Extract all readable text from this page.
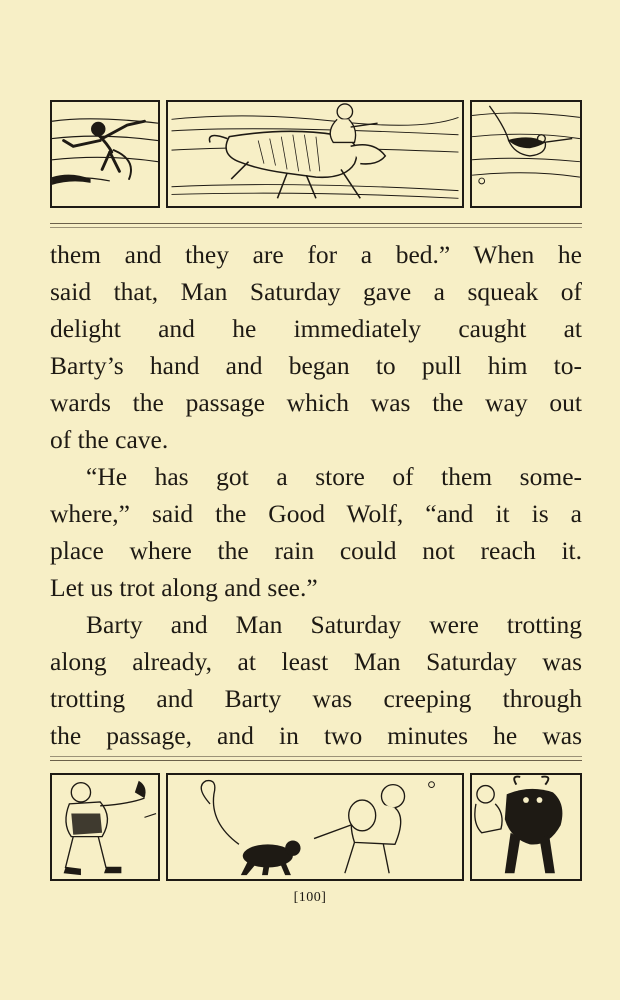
them and they are for a bed.” When he
said that, Man Saturday gave a squeak of
delight and he immediately caught at
Barty’s hand and began to pull him to-
wards the passage which was the way out
of the cave.
“He has got a store of them some-
where,” said the Good Wolf, “and it is a
place where the rain could not reach it.
Let us trot along and see.”
Barty and Man Saturday were trotting
along already, at least Man Saturday was
trotting and Barty was creeping through
the passage, and in two minutes he was
[100]
